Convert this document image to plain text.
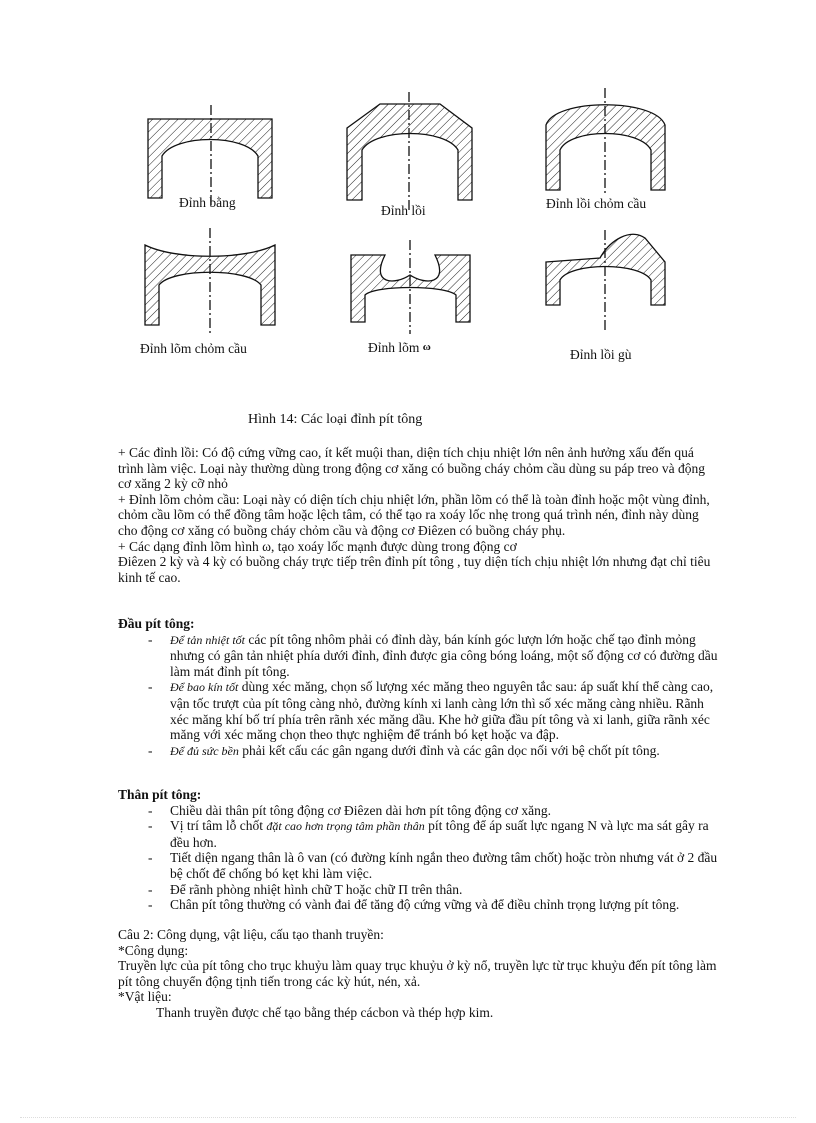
Đỉnh bằng
Đỉnh lồi	Đỉnh lồi chỏm cầu
Đỉnh lõm chỏm cầu	Đỉnh lõm ω	Đỉnh lồi gù
Hình 14: Các loại đỉnh pít tông

+ Các đỉnh lồi: Có độ cứng vững cao, ít kết muội than, diện tích chịu nhiệt lớn nên ảnh hưởng xấu đến quá trình làm việc. Loại này thường dùng trong động cơ xăng có buồng cháy chỏm cầu dùng su páp treo và động cơ xăng 2 kỳ cỡ nhỏ

+ Đỉnh lõm chỏm cầu: Loại này có diện tích chịu nhiệt lớn, phần lõm có thể là toàn đỉnh hoặc một vùng đỉnh, chỏm cầu lõm có thể đồng tâm hoặc lệch tâm, có thể tạo ra xoáy lốc nhẹ trong quá trình nén, đỉnh này dùng cho động cơ xăng có buồng cháy chỏm cầu và động cơ Điêzen có buồng cháy phụ.

+ Các dạng đỉnh lõm hình ω, tạo xoáy lốc mạnh được dùng trong động cơ

Điêzen 2 kỳ và 4 kỳ có buồng cháy trực tiếp trên đỉnh pít tông , tuy diện tích chịu nhiệt lớn nhưng đạt chỉ tiêu kinh tế cao.

Đầu pít tông:

- Để tản nhiệt tốt các pít tông nhôm phải có đỉnh dày, bán kính góc lượn lớn hoặc chế tạo đỉnh mỏng nhưng có gân tản nhiệt phía dưới đỉnh, đỉnh được gia công bóng loáng, một số động cơ có đường dầu làm mát đỉnh pít tông.

- Để bao kín tốt dùng xéc măng, chọn số lượng xéc măng theo nguyên tắc sau: áp suất khí thể càng cao, vận tốc trượt của pít tông càng nhỏ, đường kính xi lanh càng lớn thì số xéc măng càng nhiều. Rãnh xéc măng khí bố trí phía trên rãnh xéc măng dầu. Khe hở giữa đầu pít tông và xi lanh, giữa rãnh xéc măng với xéc măng chọn theo thực nghiệm để tránh bó kẹt hoặc va đập.

- Để đủ sức bền phải kết cấu các gân ngang dưới đỉnh và các gân dọc nối với bệ chốt pít tông.

Thân pít tông:

- Chiều dài thân pít tông động cơ Điêzen dài hơn pít tông động cơ xăng.

- Vị trí tâm lỗ chốt đặt cao hơn trọng tâm phần thân pít tông để áp suất lực ngang N và lực ma sát gây ra đều hơn.

- Tiết diện ngang thân là ô van (có đường kính ngắn theo đường tâm chốt) hoặc tròn nhưng vát ở 2 đầu bệ chốt để chống bó kẹt khi làm việc.

- Để rãnh phòng nhiệt hình chữ T hoặc chữ Π trên thân.

- Chân pít tông thường có vành đai để tăng độ cứng vững và để điều chỉnh trọng lượng pít tông.

Câu 2: Công dụng, vật liệu, cấu tạo thanh truyền:

*Công dụng:

Truyền lực của pít tông cho trục khuỷu làm quay trục khuỷu ở kỳ nổ, truyền lực từ trục khuỷu đến pít tông làm pít tông chuyển động tịnh tiến trong các kỳ hút, nén, xả.

*Vật liệu:

Thanh truyền được chế tạo bằng thép cácbon và thép hợp kim.
